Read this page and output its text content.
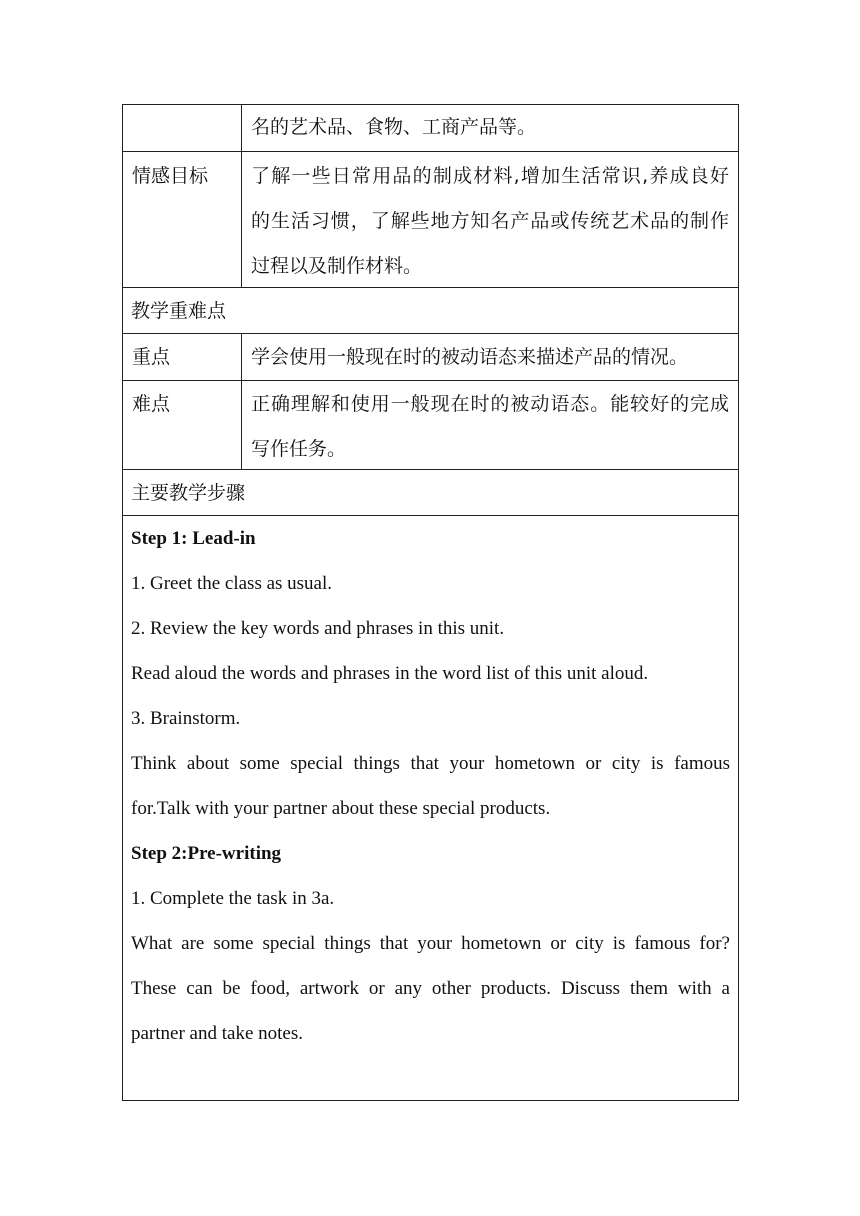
名的艺术品、食物、工商产品等。
情感目标 了解一些日常用品的制成材料,增加生活常识,养成良好
的生活习惯，了解些地方知名产品或传统艺术品的制作
过程以及制作材料。
教学重难点
重点	学会使用一般现在时的被动语态来描述产品的情况。
难点	正确理解和使用一般现在时的被动语态。能较好的完成
写作任务。
主要教学步骤
Step 1: Lead-in
1. Greet the class as usual.
2. Review the key words and phrases in this unit.
Read aloud the words and phrases in the word list of this unit aloud.
3. Brainstorm.
Think about some special things that your hometown or city is famous
for.Talk with your partner about these special products.
Step 2:Pre-writing
1. Complete the task in 3a.
What are some special things that your hometown or city is famous for?
These can be food, artwork or any other products. Discuss them with a
partner and take notes.
